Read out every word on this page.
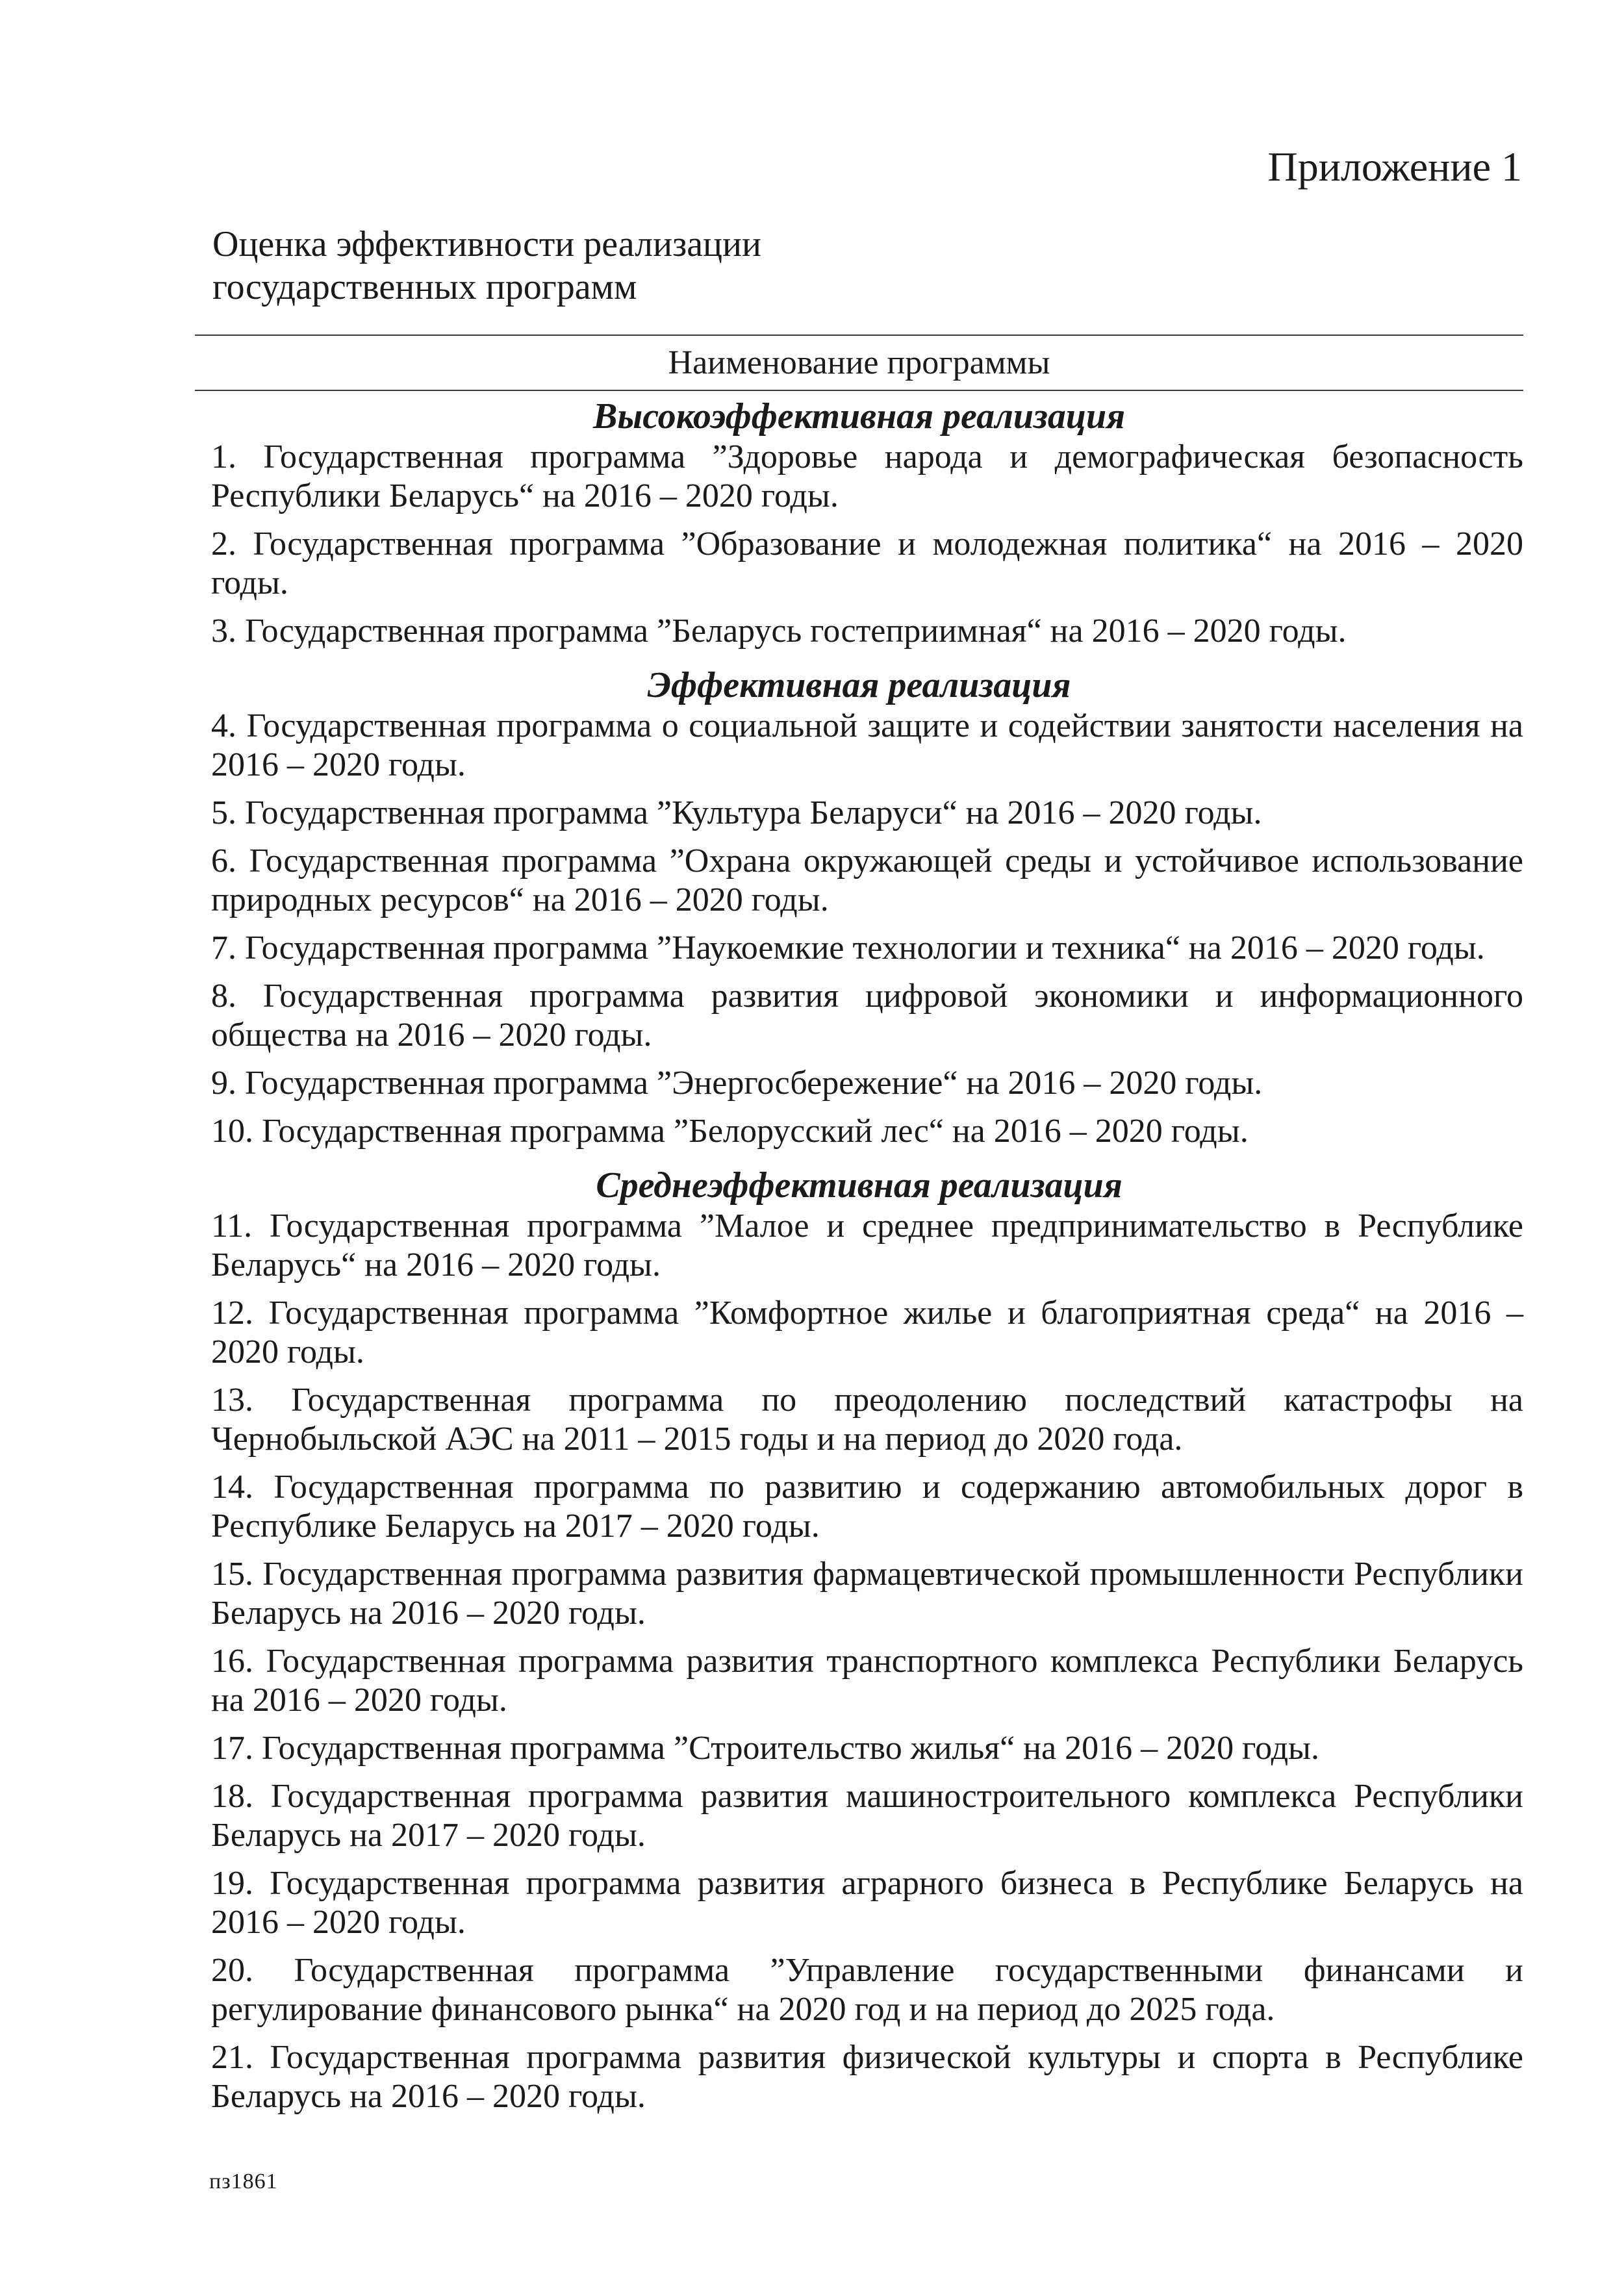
Приложение 1
Оценка эффективности реализации
государственных программ
Наименование программы
Высокоэффективная реализация
1. Государственная программа ”Здоровье народа и демографическая безопасность Республики Беларусь“ на 2016 – 2020 годы.
2. Государственная программа ”Образование и молодежная политика“ на 2016 – 2020 годы.
3. Государственная программа ”Беларусь гостеприимная“ на 2016 – 2020 годы.
Эффективная реализация
4. Государственная программа о социальной защите и содействии занятости населения на 2016 – 2020 годы.
5. Государственная программа ”Культура Беларуси“ на 2016 – 2020 годы.
6. Государственная программа ”Охрана окружающей среды и устойчивое использование природных ресурсов“ на 2016 – 2020 годы.
7. Государственная программа ”Наукоемкие технологии и техника“ на 2016 – 2020 годы.
8. Государственная программа развития цифровой экономики и информационного общества на 2016 – 2020 годы.
9. Государственная программа ”Энергосбережение“ на 2016 – 2020 годы.
10. Государственная программа ”Белорусский лес“ на 2016 – 2020 годы.
Среднеэффективная реализация
11. Государственная программа ”Малое и среднее предпринимательство в Республике Беларусь“ на 2016 – 2020 годы.
12. Государственная программа ”Комфортное жилье и благоприятная среда“ на 2016 – 2020 годы.
13. Государственная программа по преодолению последствий катастрофы на Чернобыльской АЭС на 2011 – 2015 годы и на период до 2020 года.
14. Государственная программа по развитию и содержанию автомобильных дорог в Республике Беларусь на 2017 – 2020 годы.
15. Государственная программа развития фармацевтической промышленности Республики Беларусь на 2016 – 2020 годы.
16. Государственная программа развития транспортного комплекса Республики Беларусь на 2016 – 2020 годы.
17. Государственная программа ”Строительство жилья“ на 2016 – 2020 годы.
18. Государственная программа развития машиностроительного комплекса Республики Беларусь на 2017 – 2020 годы.
19. Государственная программа развития аграрного бизнеса в Республике Беларусь на 2016 – 2020 годы.
20. Государственная программа ”Управление государственными финансами и регулирование финансового рынка“ на 2020 год и на период до 2025 года.
21. Государственная программа развития физической культуры и спорта в Республике Беларусь на 2016 – 2020 годы.
пз1861
